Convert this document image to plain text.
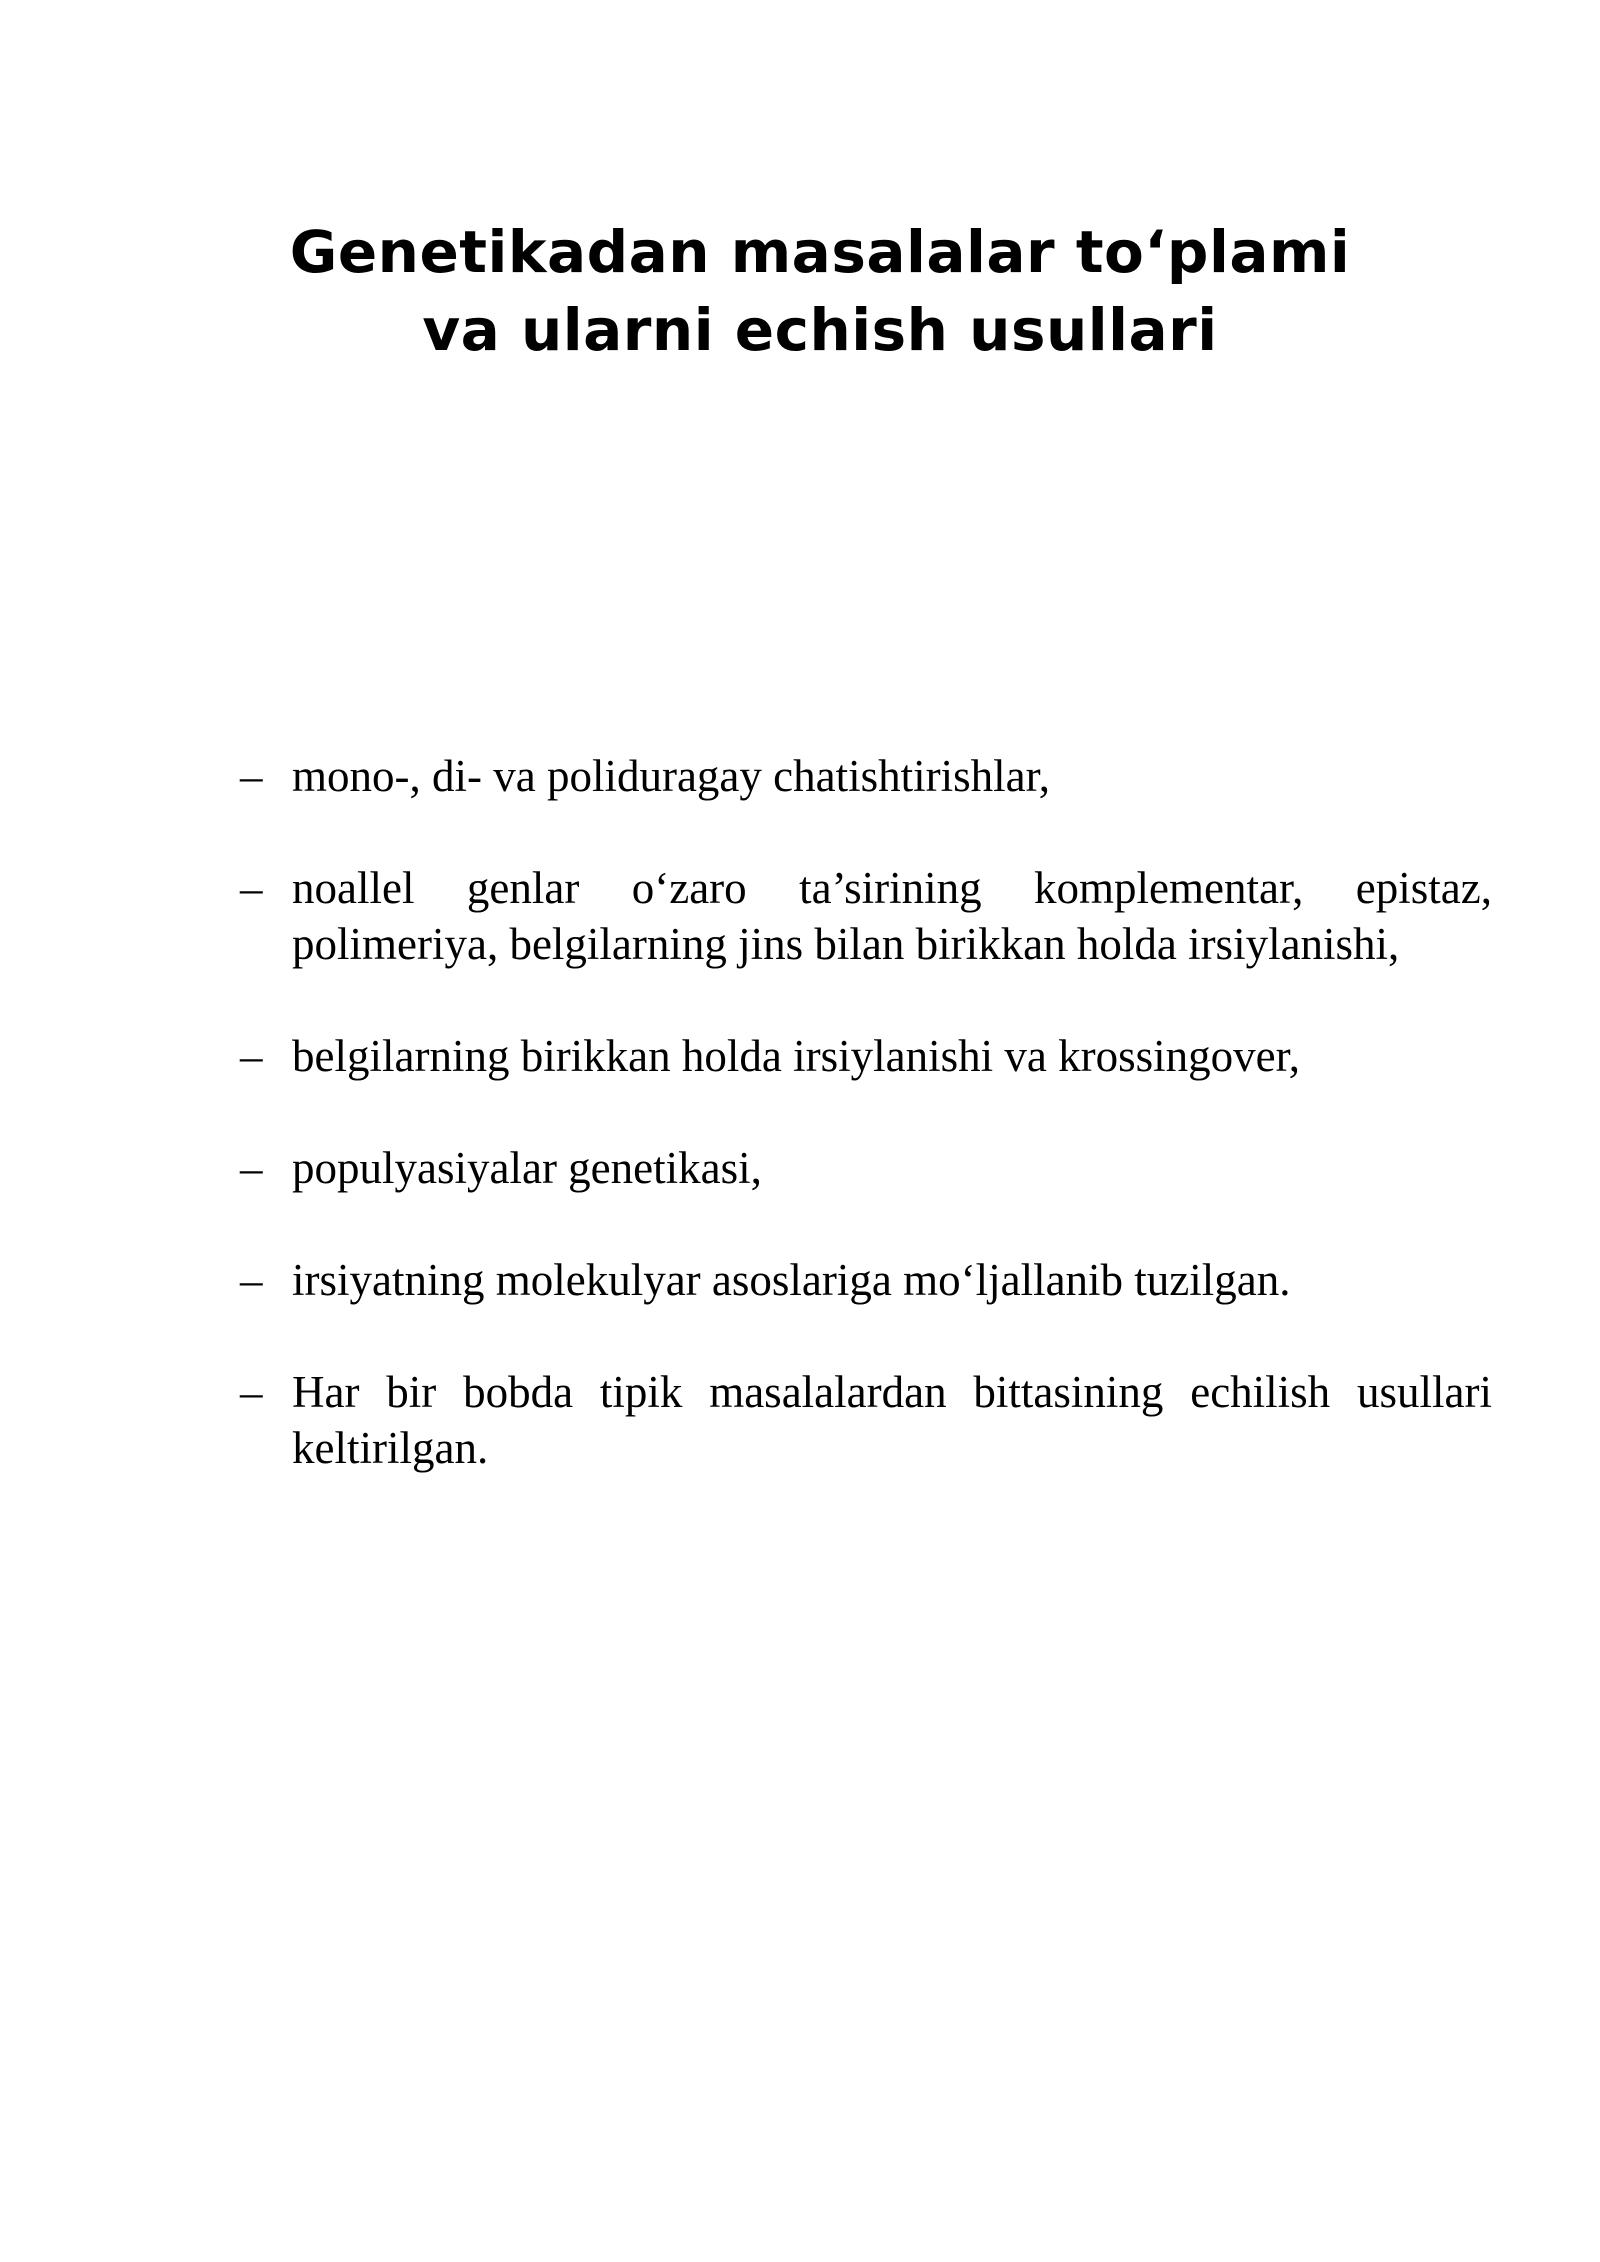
Genetikadan masalalar to‘plami
va ularni echish usullari
– mono-, di- va poliduragay chatishtirishlar,
– noallel genlar o‘zaro ta’sirining komplementar, epistaz, polimeriya, belgilarning jins bilan birikkan holda irsiylanishi,
– belgilarning birikkan holda irsiylanishi va krossingover,
– populyasiyalar genetikasi,
– irsiyatning molekulyar asoslariga mo‘ljallanib tuzilgan.
– Har bir bobda tipik masalalardan bittasining echilish usullari keltirilgan.
